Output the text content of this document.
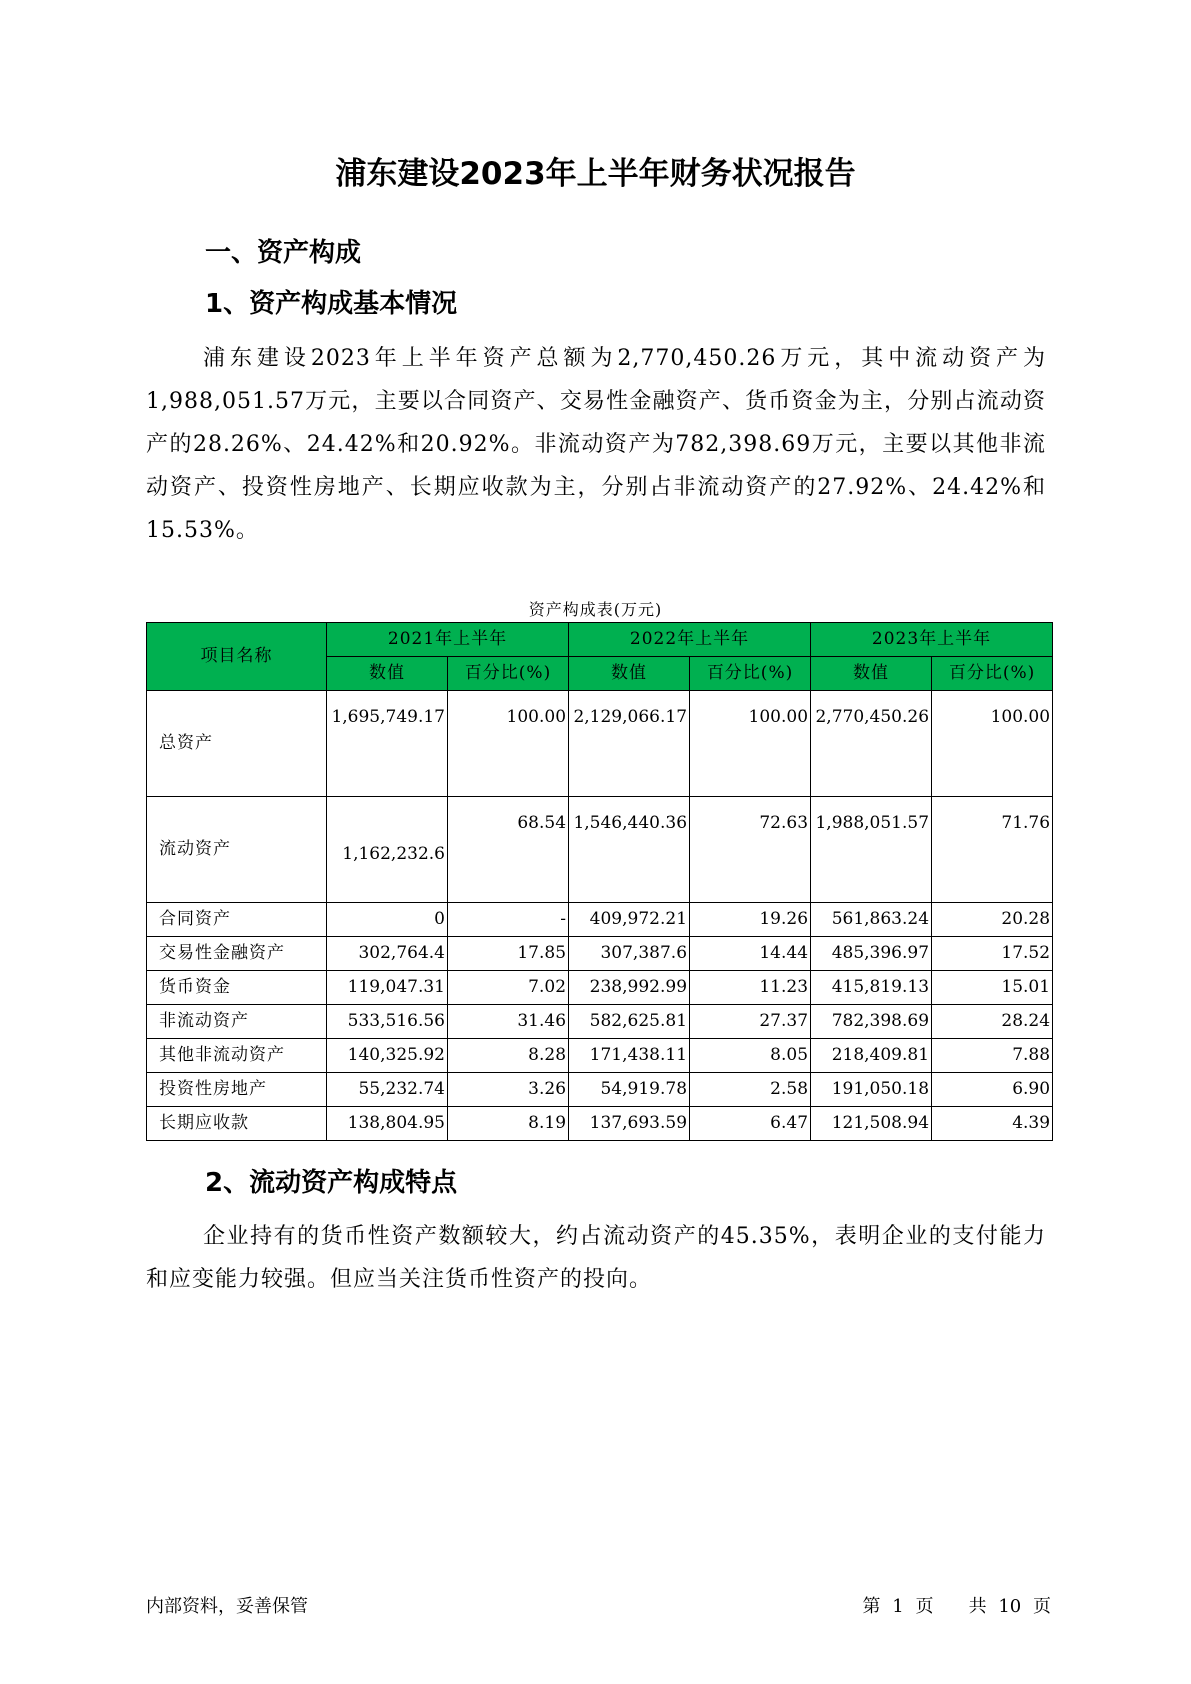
浦东建设2023年上半年财务状况报告
一、资产构成
1、资产构成基本情况

浦东建设2023年上半年资产总额为2,770,450.26万元，其中流动资产为1,988,051.57万元，主要以合同资产、交易性金融资产、货币资金为主，分别占流动资产的28.26%、24.42%和20.92%。非流动资产为782,398.69万元，主要以其他非流动资产、投资性房地产、长期应收款为主，分别占非流动资产的27.92%、24.42%和15.53%。

资产构成表(万元)
项目名称	2021年上半年		2022年上半年		2023年上半年	
	数值	百分比(%)	数值	百分比(%)	数值	百分比(%)
总资产	1,695,749.17	100.00	2,129,066.17	100.00	2,770,450.26	100.00
流动资产	1,162,232.6	68.54	1,546,440.36	72.63	1,988,051.57	71.76
合同资产	0	-	409,972.21	19.26	561,863.24	20.28
交易性金融资产	302,764.4	17.85	307,387.6	14.44	485,396.97	17.52
货币资金	119,047.31	7.02	238,992.99	11.23	415,819.13	15.01
非流动资产	533,516.56	31.46	582,625.81	27.37	782,398.69	28.24
其他非流动资产	140,325.92	8.28	171,438.11	8.05	218,409.81	7.88
投资性房地产	55,232.74	3.26	54,919.78	2.58	191,050.18	6.90
长期应收款	138,804.95	8.19	137,693.59	6.47	121,508.94	4.39
2、流动资产构成特点

企业持有的货币性资产数额较大，约占流动资产的45.35%，表明企业的支付能力和应变能力较强。但应当关注货币性资产的投向。

内部资料，妥善保管	第 1 页 共 10 页
